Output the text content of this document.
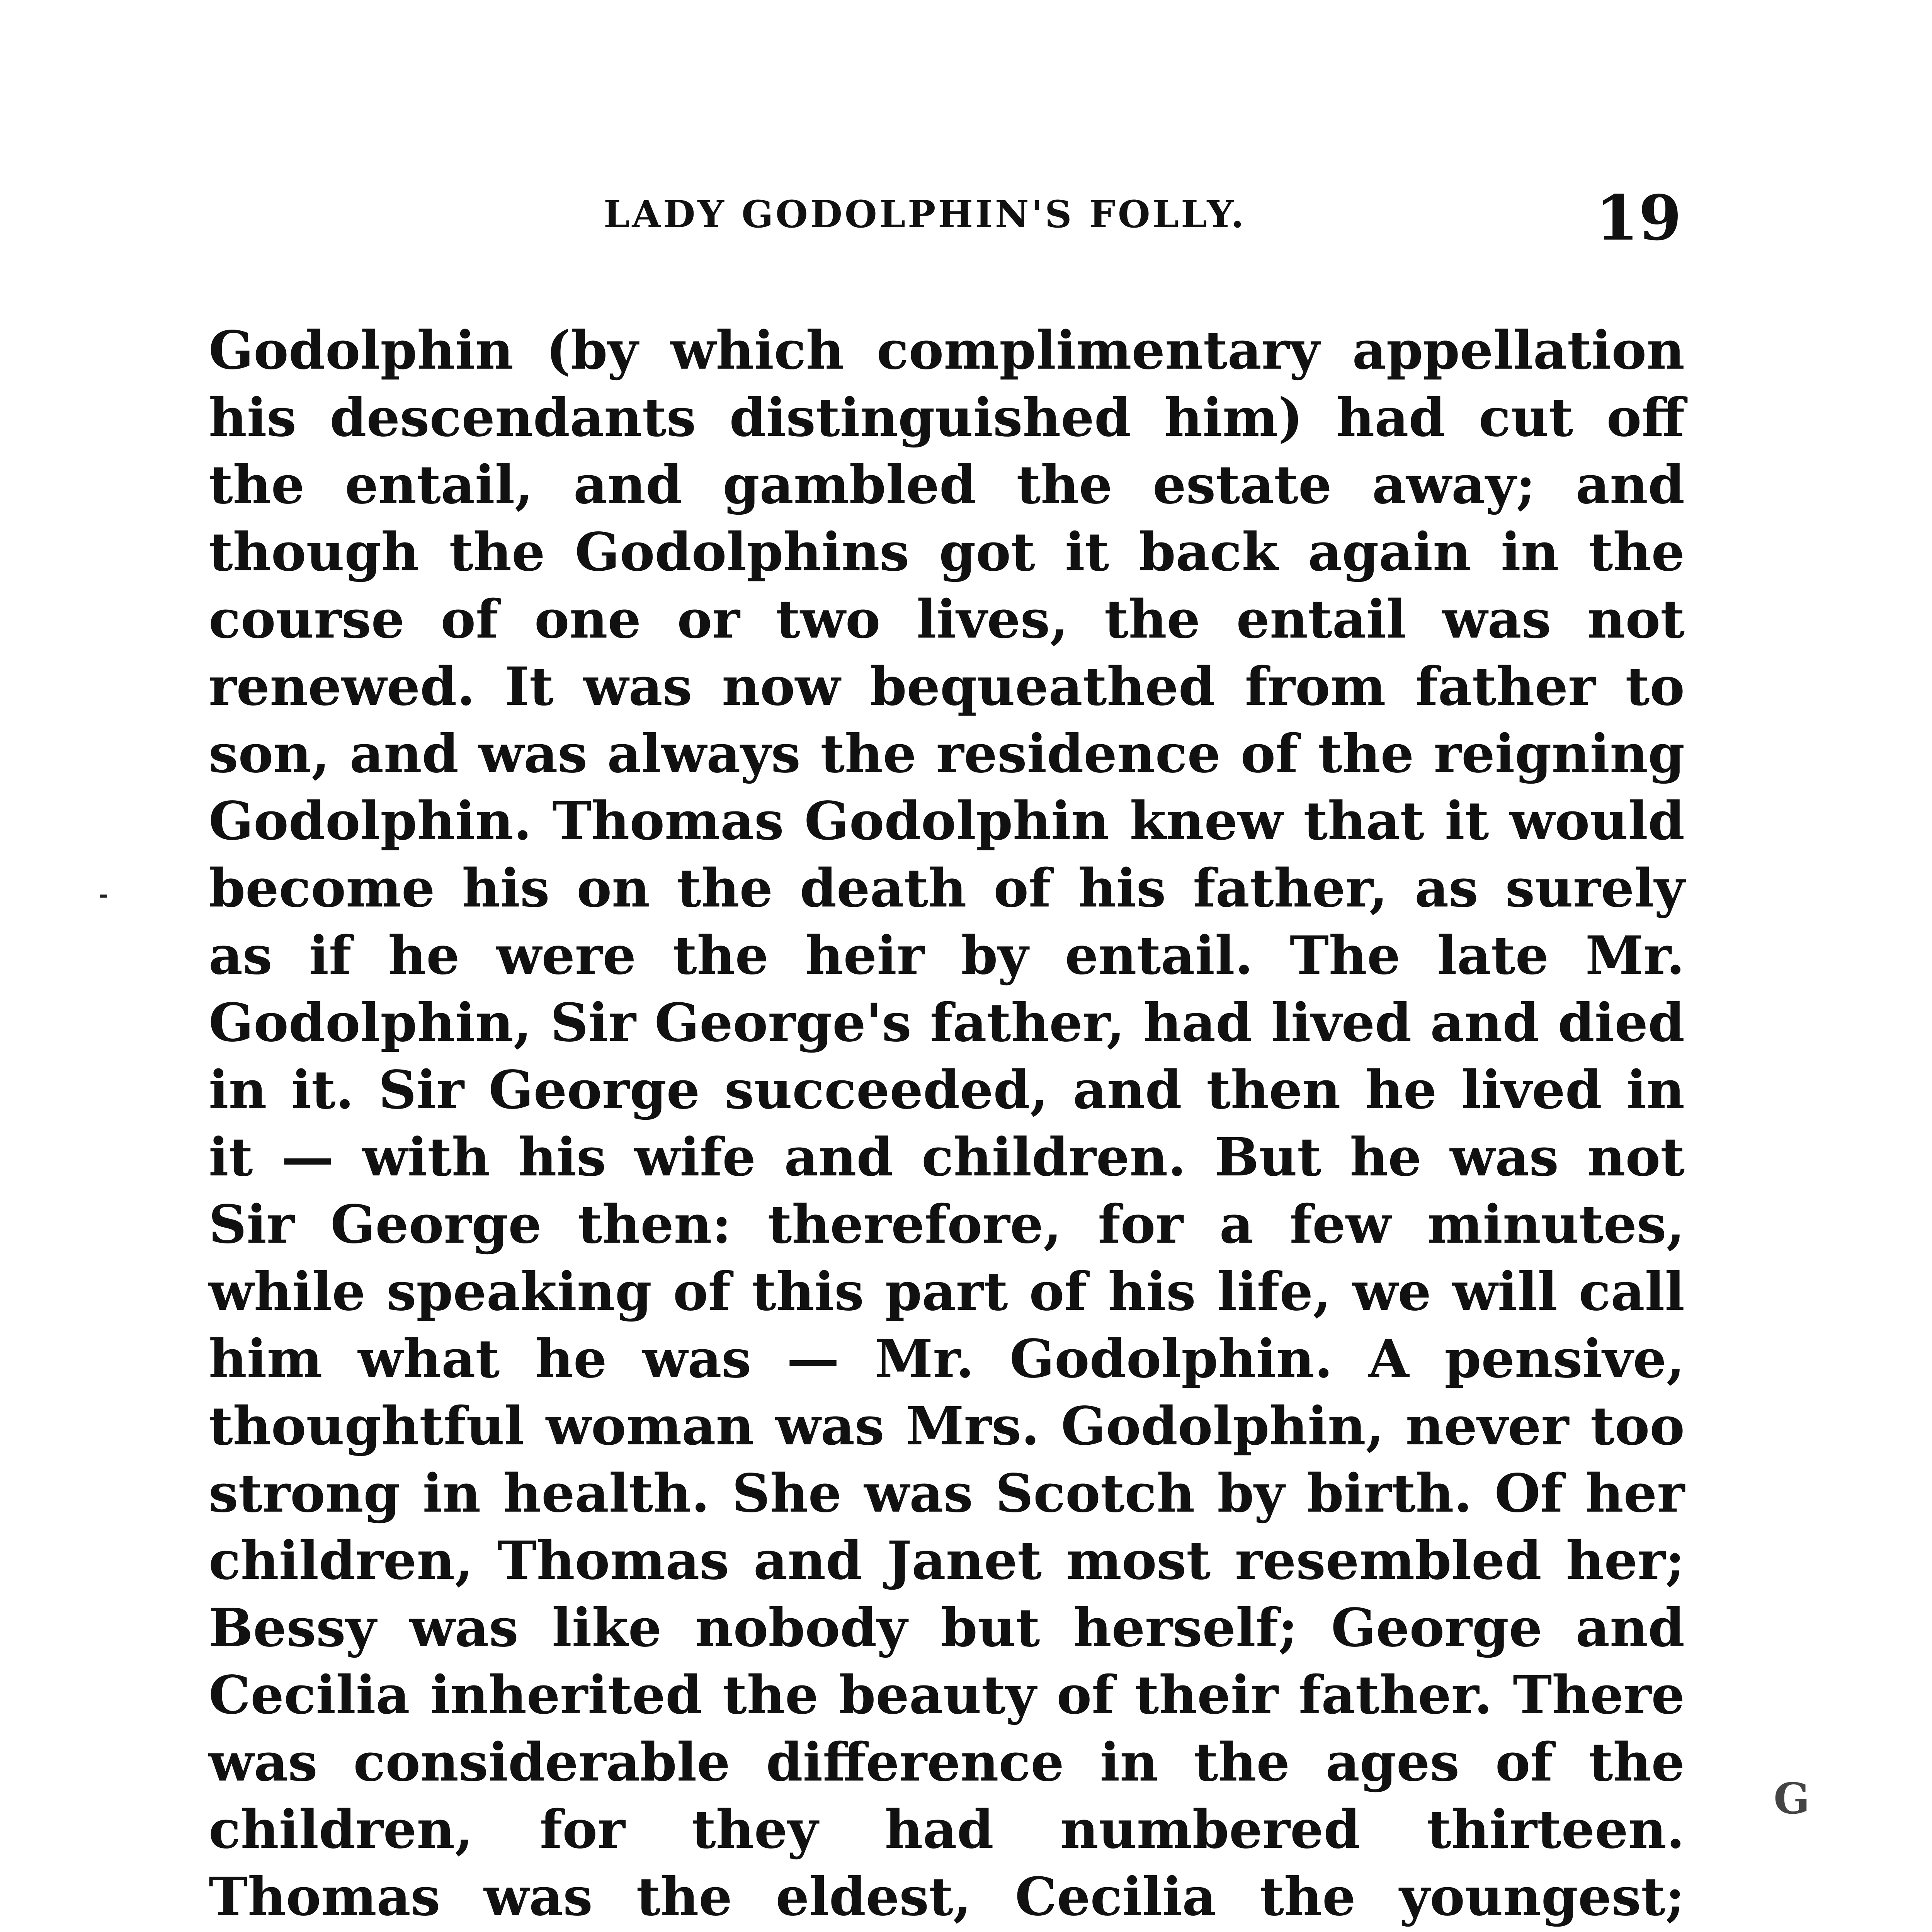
LADY GODOLPHIN'S FOLLY.	19
-
G

Godolphin (by which complimentary appellation his descendants distinguished him) had cut off the entail, and gambled the estate away; and though the Godolphins got it back again in the course of one or two lives, the entail was not renewed. It was now bequeathed from father to son, and was always the residence of the reigning Godolphin. Thomas Godolphin knew that it would become his on the death of his father, as surely as if he were the heir by entail. The late Mr. Godolphin, Sir George's father, had lived and died in it. Sir George succeeded, and then he lived in it — with his wife and children. But he was not Sir George then: therefore, for a few minutes, while speaking of this part of his life, we will call him what he was — Mr. Godolphin. A pensive, thoughtful woman was Mrs. Godolphin, never too strong in health. She was Scotch by birth. Of her children, Thomas and Janet most resembled her; Bessy was like nobody but herself; George and Cecilia inherited the beauty of their father. There was considerable difference in the ages of the children, for they had numbered thirteen. Thomas was the eldest, Cecilia the youngest;
